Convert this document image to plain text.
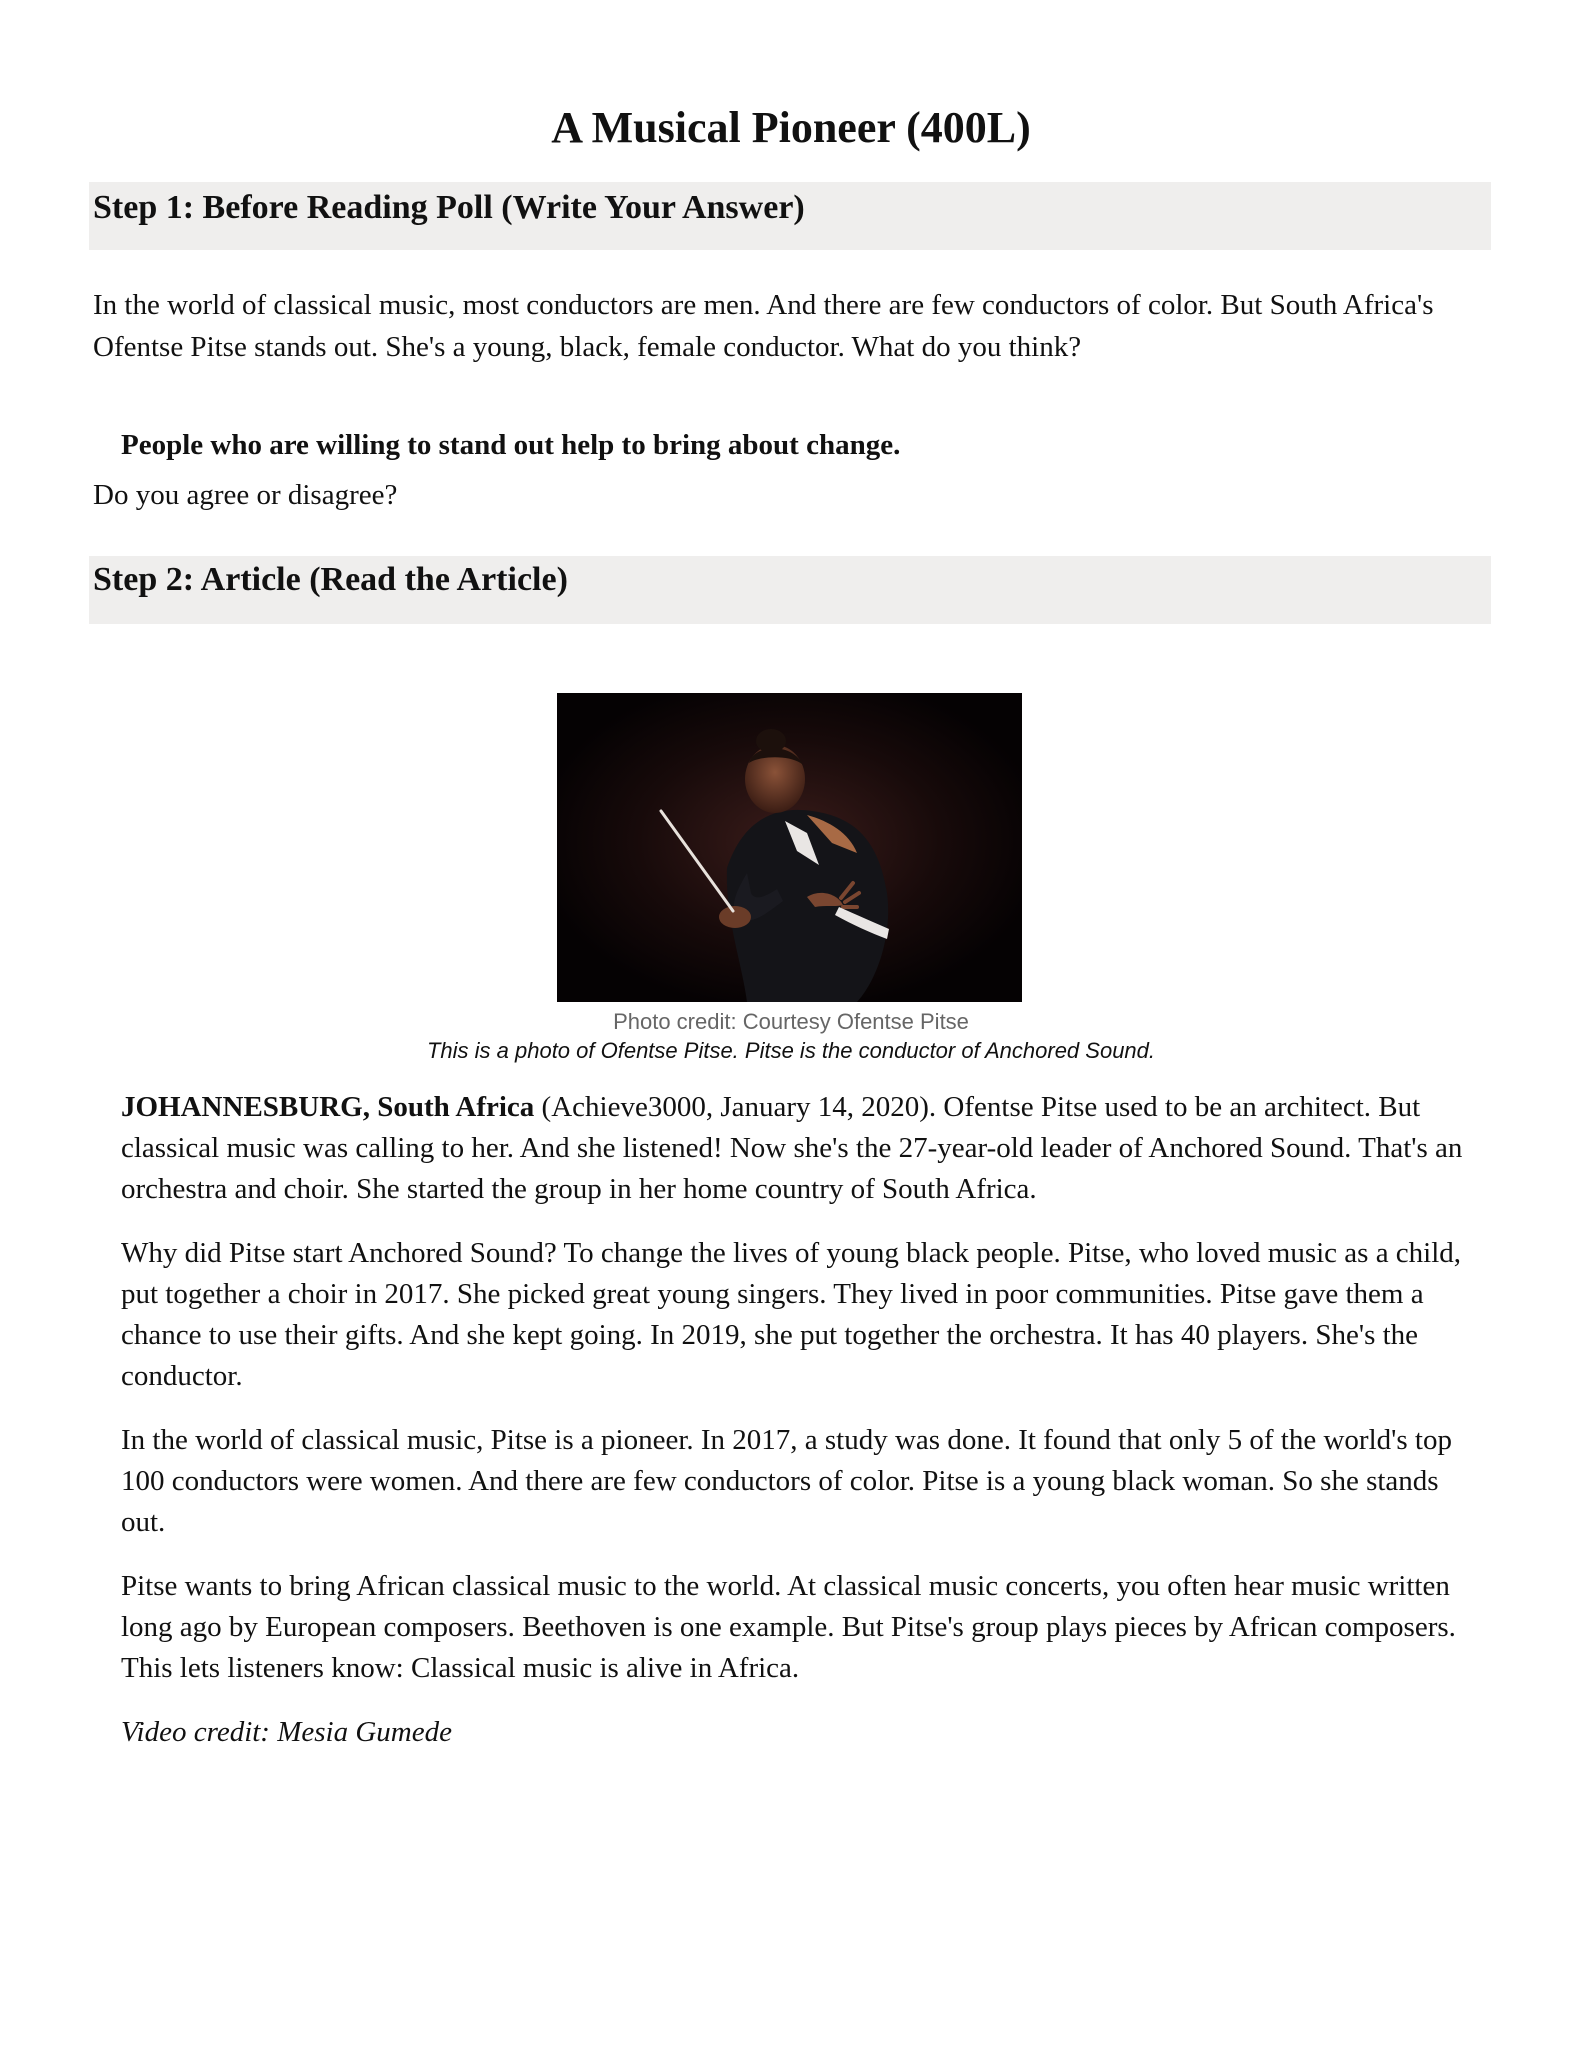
A Musical Pioneer (400L)
Step 1: Before Reading Poll (Write Your Answer)

In the world of classical music, most conductors are men. And there are few conductors of color. But South Africa's Ofentse Pitse stands out. She's a young, black, female conductor. What do you think?

People who are willing to stand out help to bring about change.

Do you agree or disagree?

Step 2: Article (Read the Article)

Photo credit: Courtesy Ofentse Pitse

This is a photo of Ofentse Pitse. Pitse is the conductor of Anchored Sound.

JOHANNESBURG, South Africa (Achieve3000, January 14, 2020). Ofentse Pitse used to be an architect. But classical music was calling to her. And she listened! Now she's the 27-year-old leader of Anchored Sound. That's an orchestra and choir. She started the group in her home country of South Africa.

Why did Pitse start Anchored Sound? To change the lives of young black people. Pitse, who loved music as a child, put together a choir in 2017. She picked great young singers. They lived in poor communities. Pitse gave them a chance to use their gifts. And she kept going. In 2019, she put together the orchestra. It has 40 players. She's the conductor.

In the world of classical music, Pitse is a pioneer. In 2017, a study was done. It found that only 5 of the world's top 100 conductors were women. And there are few conductors of color. Pitse is a young black woman. So she stands out.

Pitse wants to bring African classical music to the world. At classical music concerts, you often hear music written long ago by European composers. Beethoven is one example. But Pitse's group plays pieces by African composers. This lets listeners know: Classical music is alive in Africa.

Video credit: Mesia Gumede
